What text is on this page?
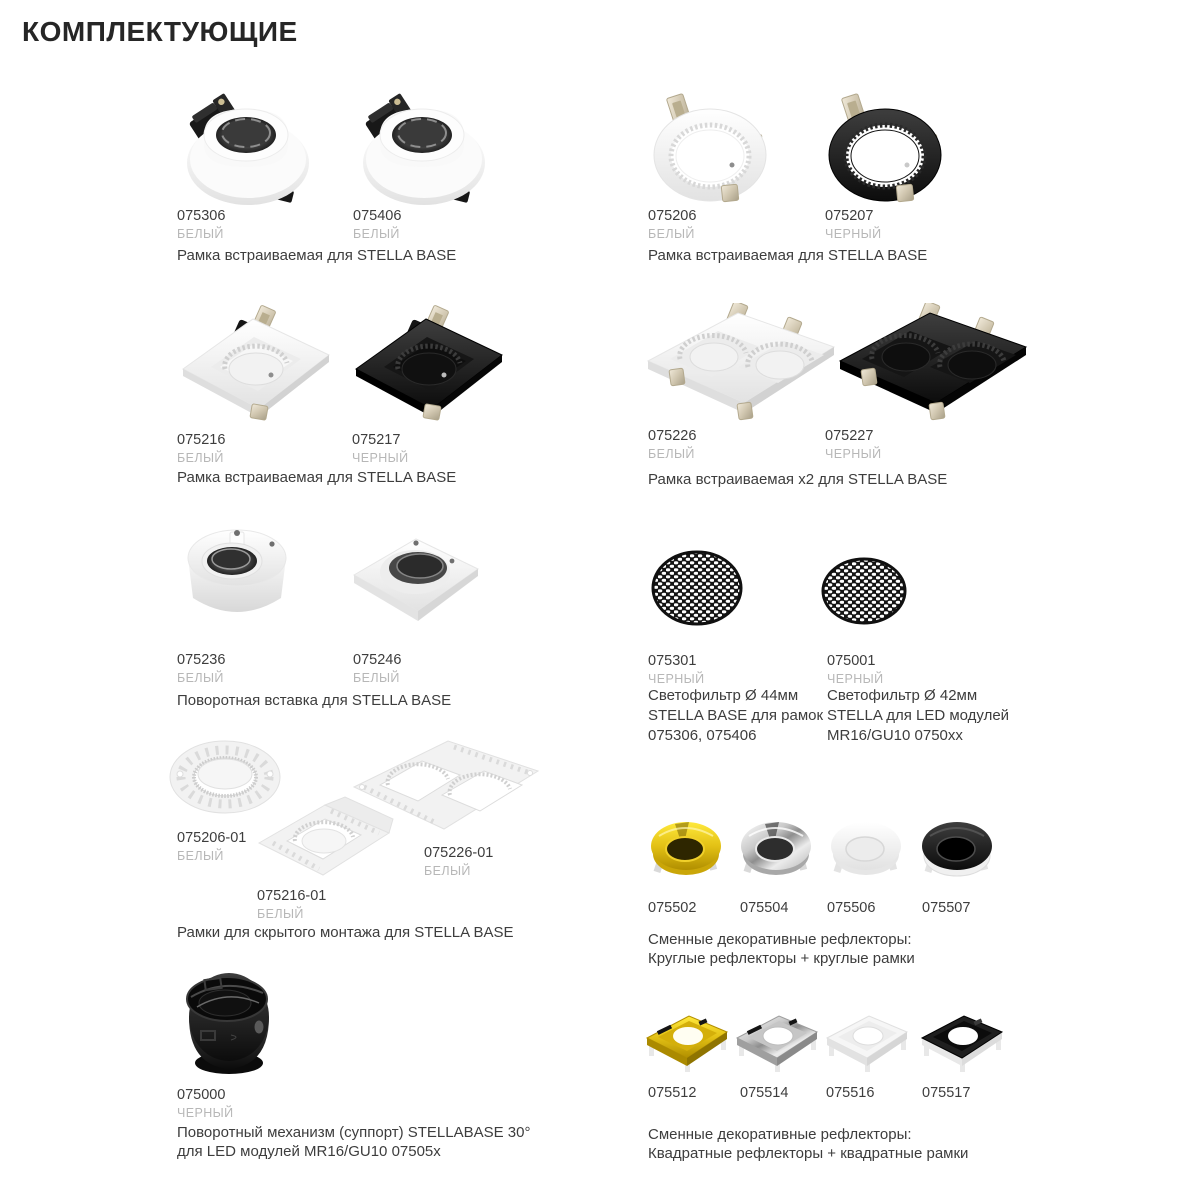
КОМПЛЕКТУЮЩИЕ
075306
БЕЛЫЙ
075406
БЕЛЫЙ
Рамка встраиваемая для STELLA BASE
075206
БЕЛЫЙ
075207
ЧЕРНЫЙ
Рамка встраиваемая для STELLA BASE
075216
БЕЛЫЙ
075217
ЧЕРНЫЙ
Рамка встраиваемая для STELLA BASE
075226
БЕЛЫЙ
075227
ЧЕРНЫЙ
Рамка встраиваемая x2 для STELLA BASE
075236
БЕЛЫЙ
075246
БЕЛЫЙ
Поворотная вставка для STELLA BASE
075301
ЧЕРНЫЙ
075001
ЧЕРНЫЙ
Светофильтр Ø 44мм
STELLA BASE для рамок
075306, 075406
Светофильтр Ø 42мм
STELLA для LED модулей
MR16/GU10 0750xx
075206-01
БЕЛЫЙ
075216-01
БЕЛЫЙ
075226-01
БЕЛЫЙ
Рамки для скрытого монтажа для STELLA BASE
075502	075504	075506	075507
Сменные декоративные рефлекторы:
Круглые рефлекторы + круглые рамки
075000
ЧЕРНЫЙ
Поворотный механизм (суппорт) STELLABASE 30°
для LED модулей MR16/GU10 07505x
075512	075514	075516	075517
Сменные декоративные рефлекторы:
Квадратные рефлекторы + квадратные рамки
